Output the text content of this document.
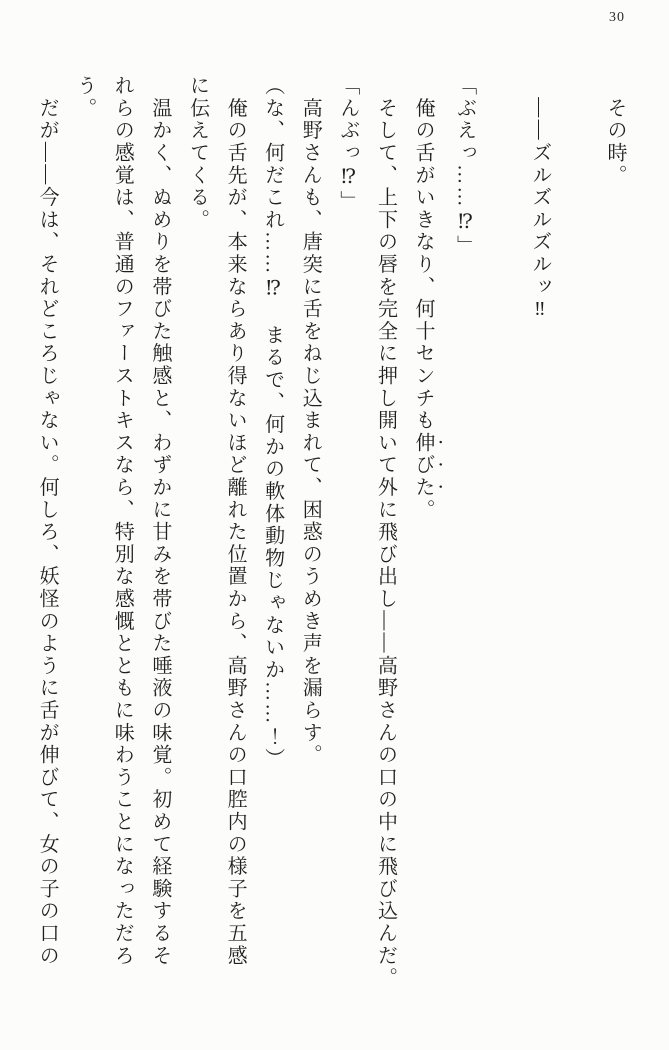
30

　その時。

　——ズルズルズルッ‼

「ぶえっ……⁉」

　俺の舌がいきなり、何十センチも伸びた。

　そして、上下の唇を完全に押し開いて外に飛び出し——高野さんの口の中に飛び込んだ。

「んぶっ⁉」

　高野さんも、唐突に舌をねじ込まれて、困惑のうめき声を漏らす。

（な、何だこれ……⁉　まるで、何かの軟体動物じゃないか……！）

　俺の舌先が、本来ならあり得ないほど離れた位置から、高野さんの口腔内の様子を五感
に伝えてくる。

　温かく、ぬめりを帯びた触感と、わずかに甘みを帯びた唾液の味覚。初めて経験するそ
れらの感覚は、普通のファーストキスなら、特別な感慨とともに味わうことになっただろ
う。

　だが——今は、それどころじゃない。何しろ、妖怪のように舌が伸びて、女の子の口の
